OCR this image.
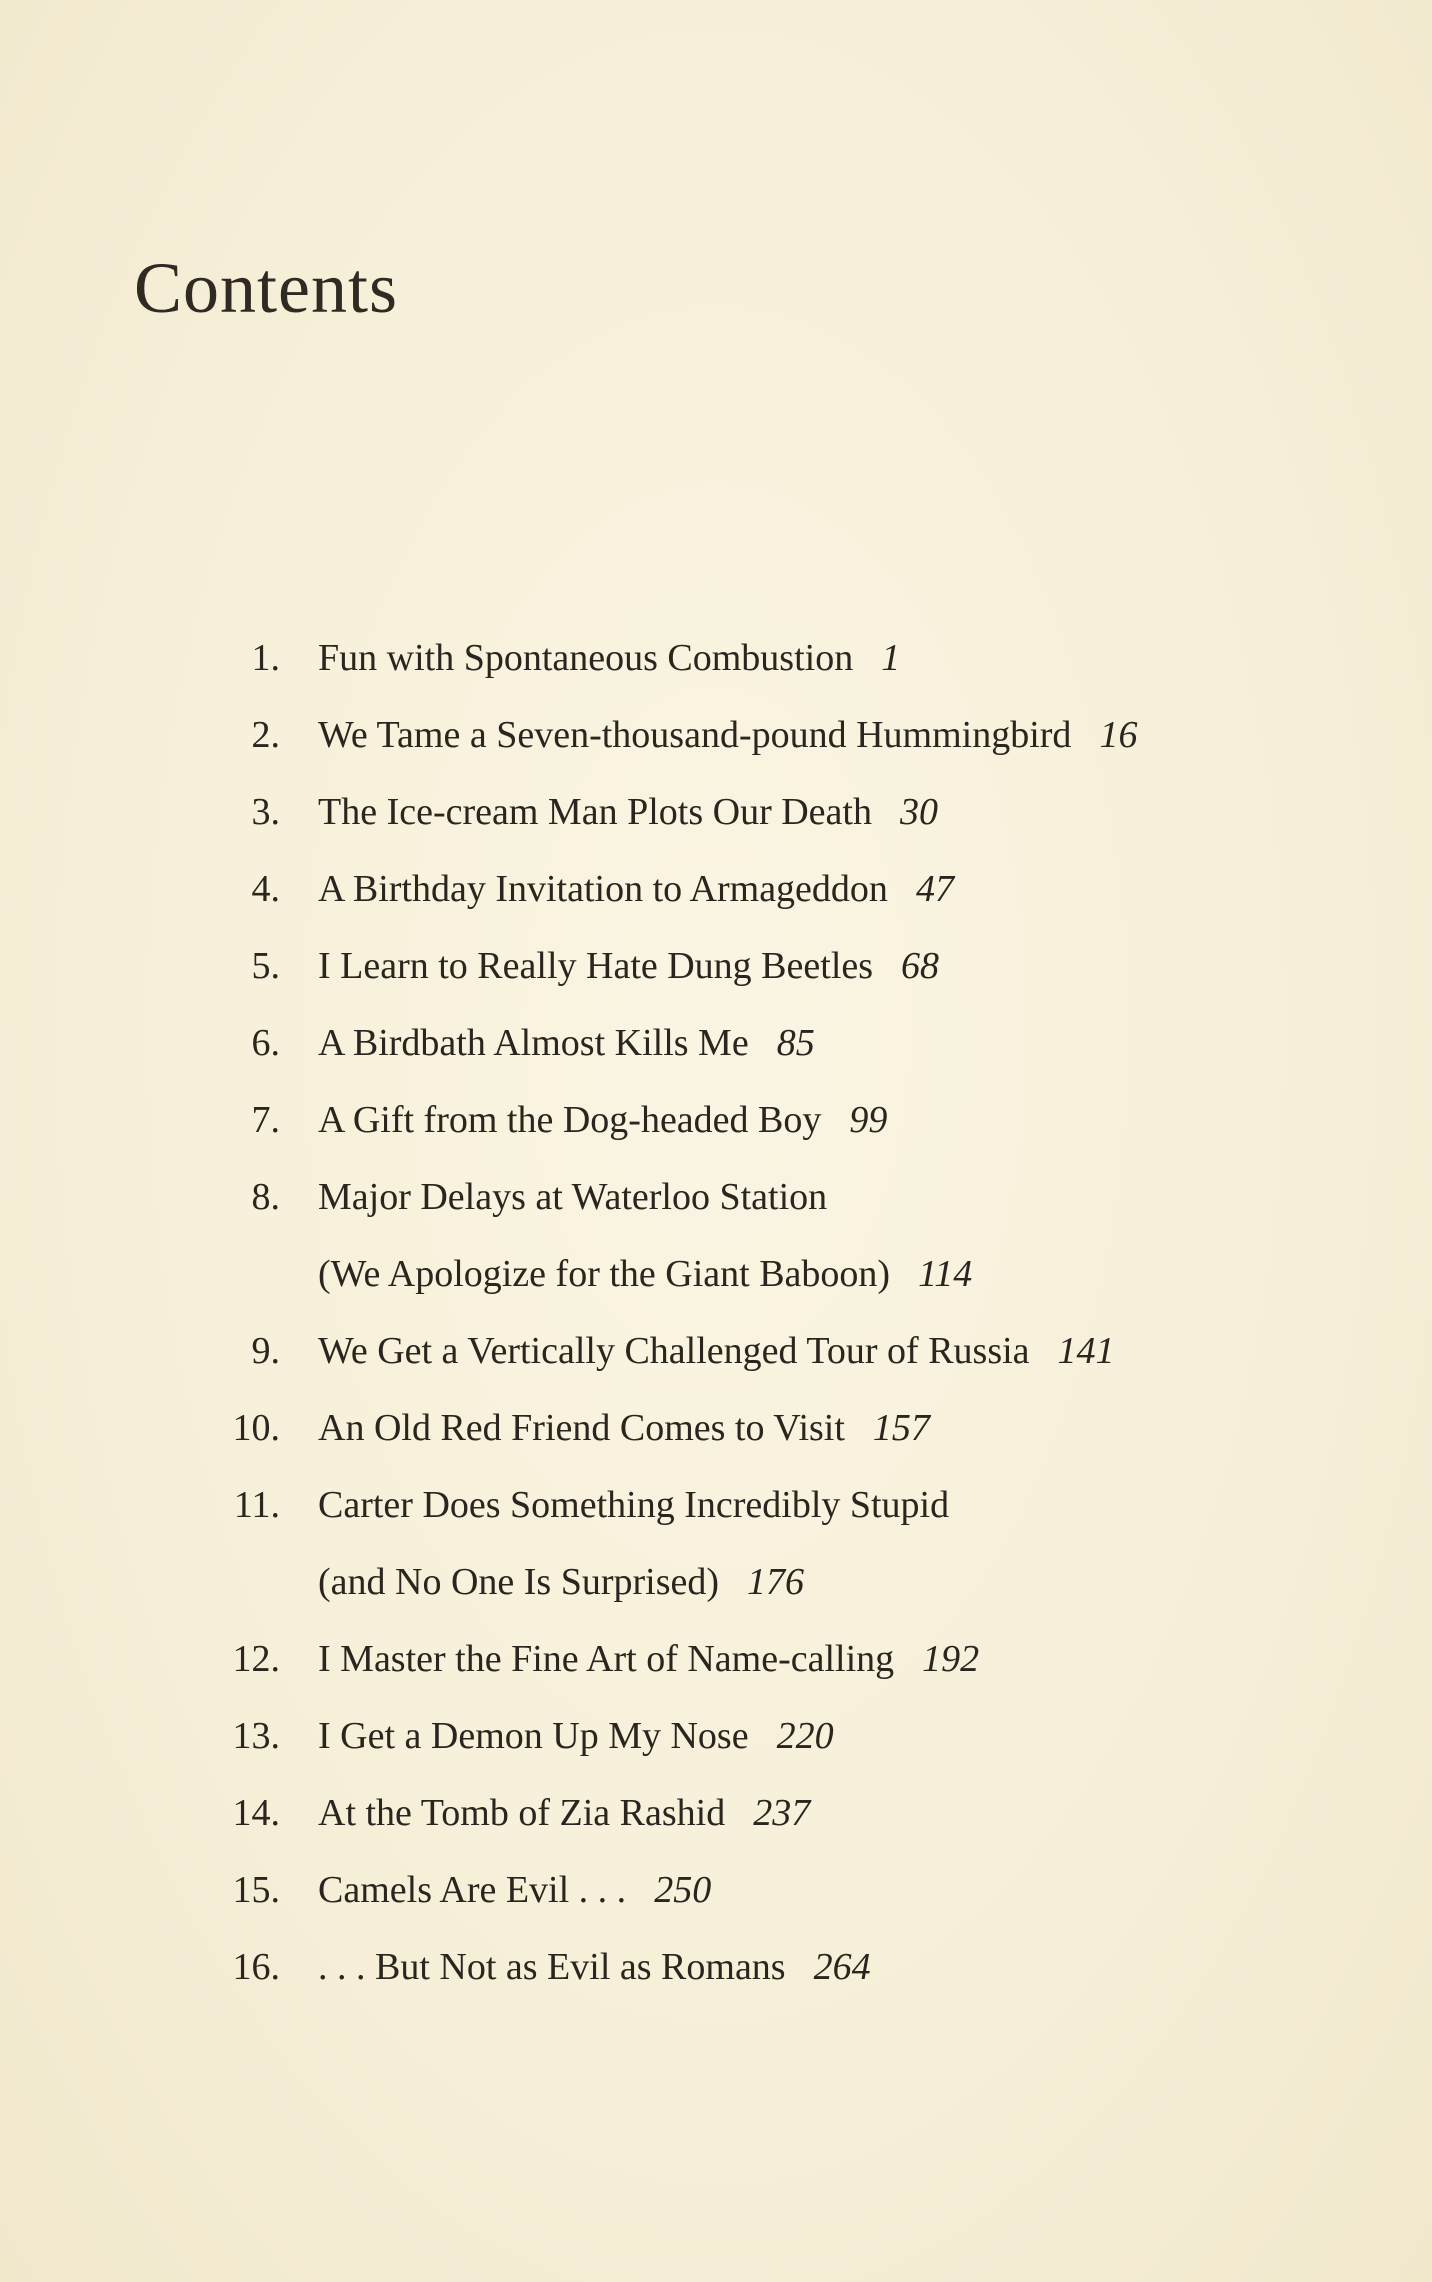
Contents
1. Fun with Spontaneous Combustion 1
2. We Tame a Seven-thousand-pound Hummingbird 16
3. The Ice-cream Man Plots Our Death 30
4. A Birthday Invitation to Armageddon 47
5. I Learn to Really Hate Dung Beetles 68
6. A Birdbath Almost Kills Me 85
7. A Gift from the Dog-headed Boy 99
8. Major Delays at Waterloo Station
(We Apologize for the Giant Baboon) 114
9. We Get a Vertically Challenged Tour of Russia 141
10. An Old Red Friend Comes to Visit 157
11. Carter Does Something Incredibly Stupid
(and No One Is Surprised) 176
12. I Master the Fine Art of Name-calling 192
13. I Get a Demon Up My Nose 220
14. At the Tomb of Zia Rashid 237
15. Camels Are Evil . . . 250
16. . . . But Not as Evil as Romans 264
